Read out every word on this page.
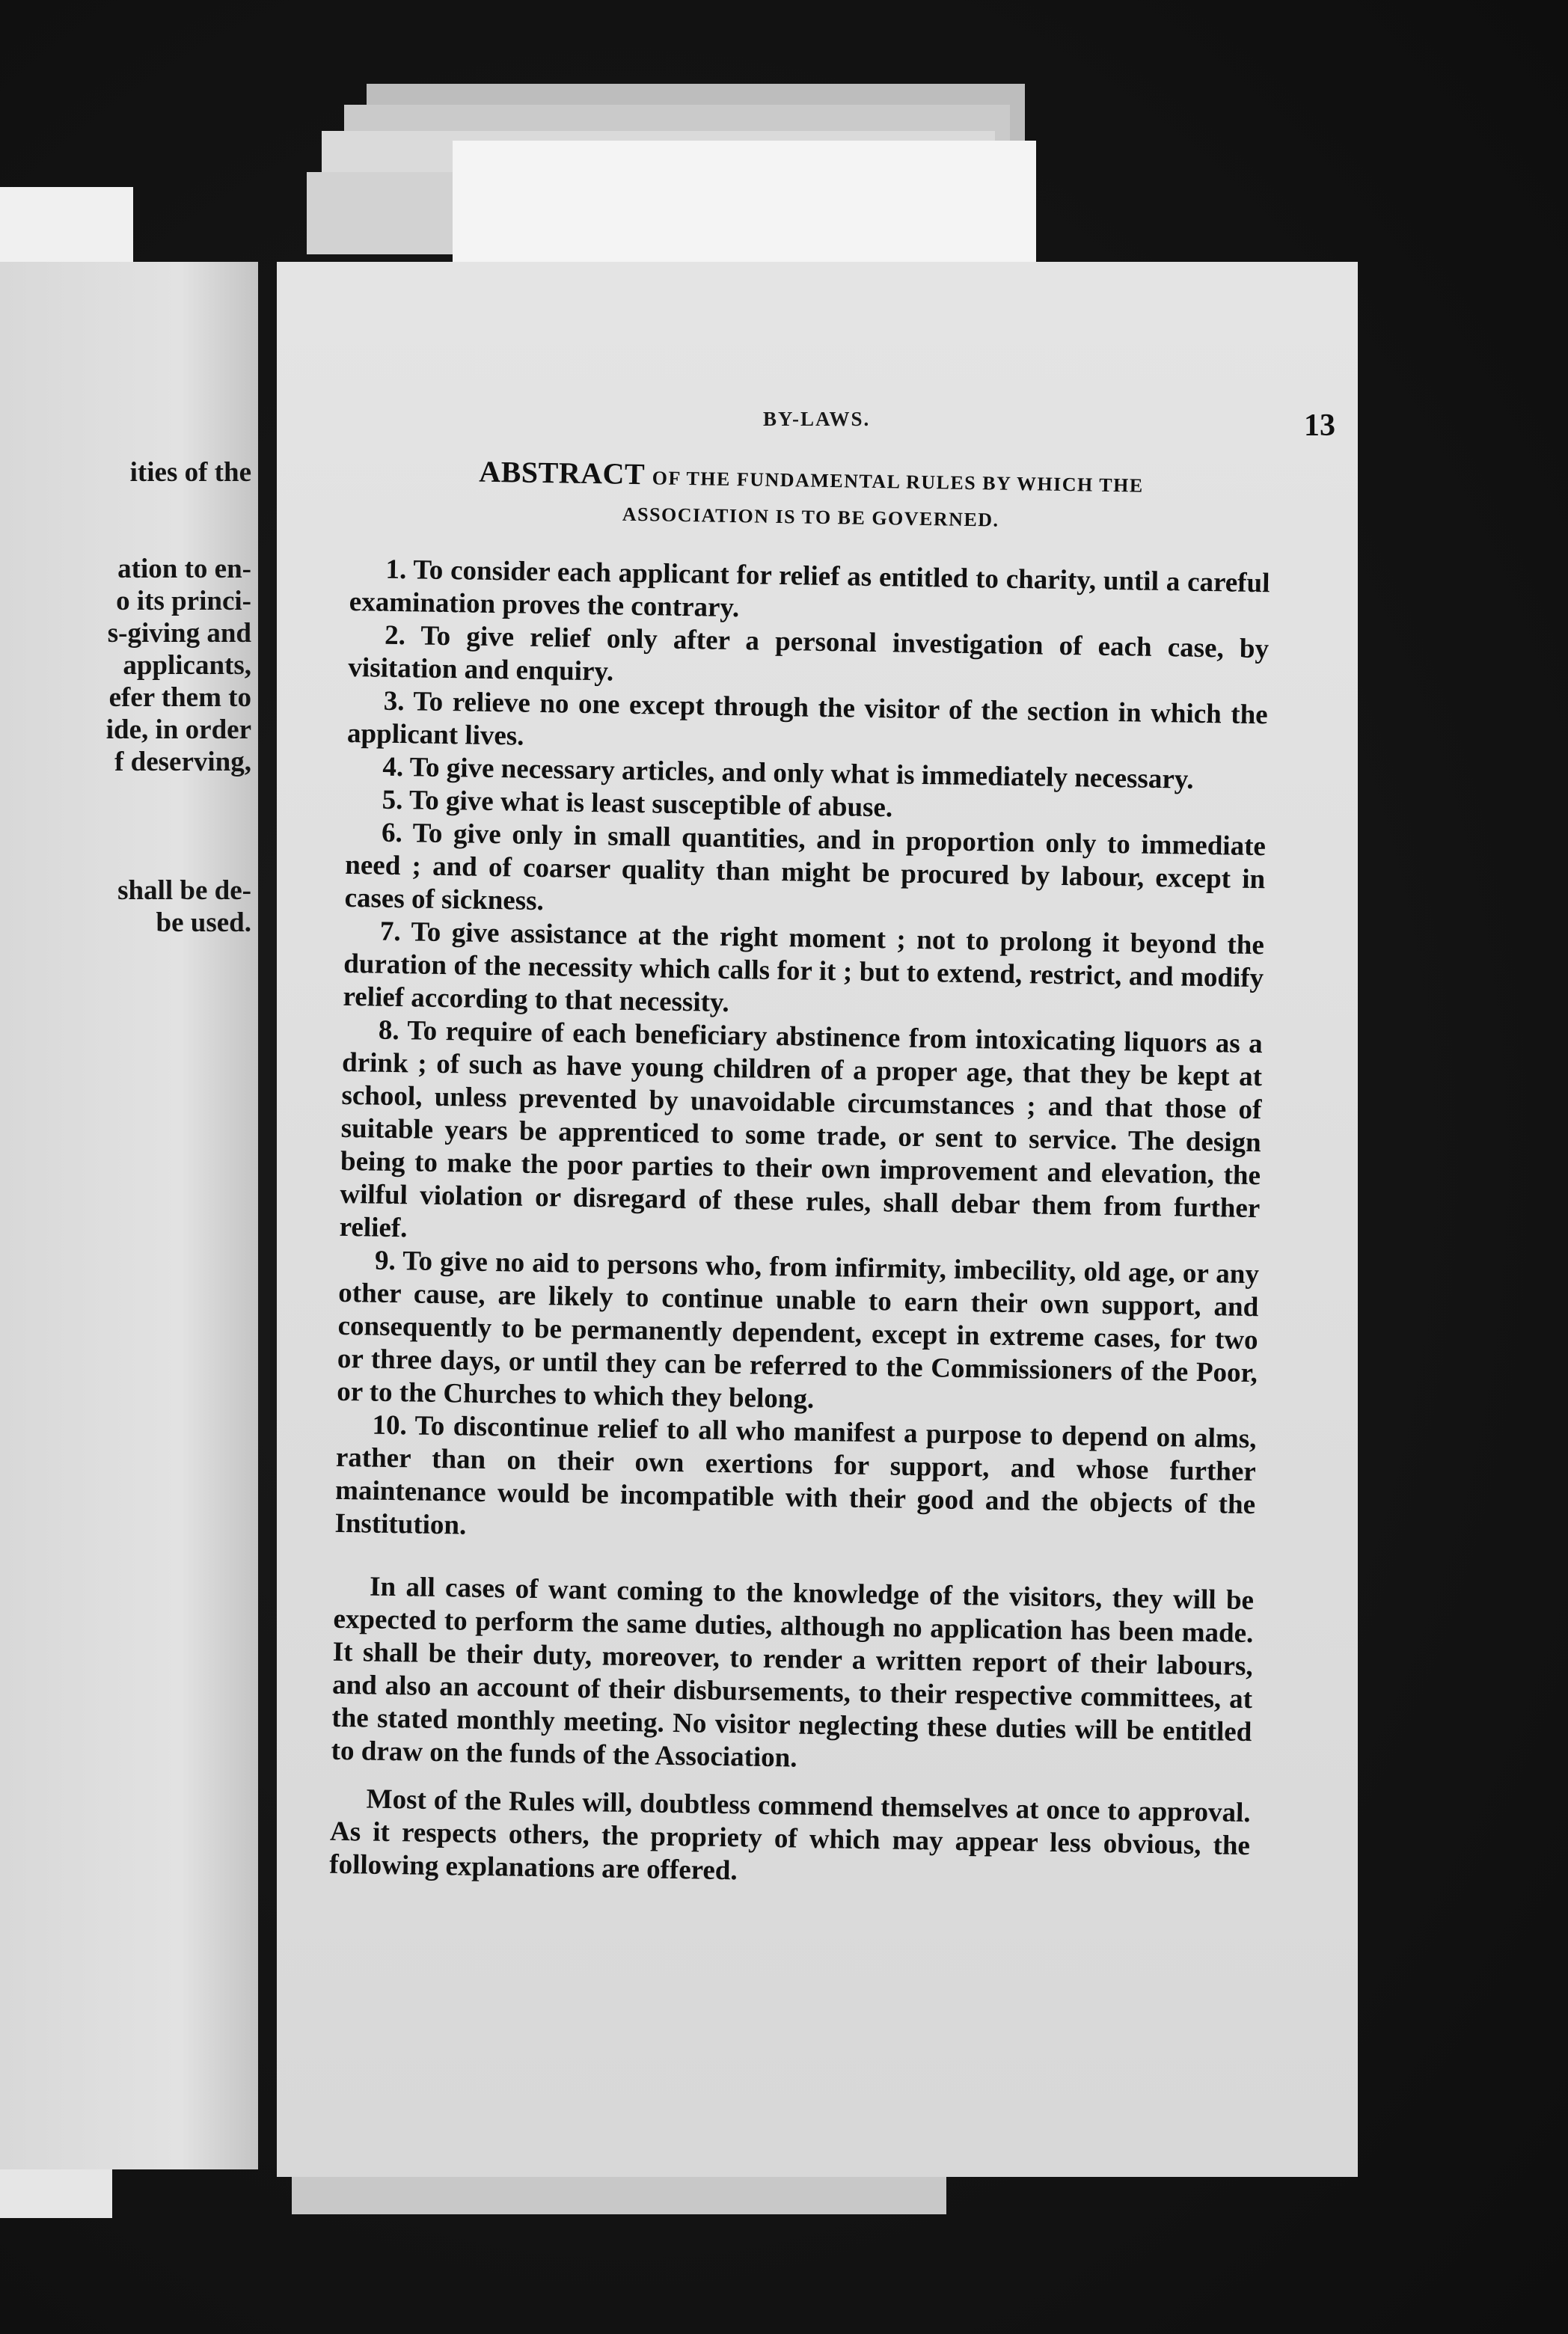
ities of the
ation to en-
o its princi-
s-giving and
applicants,
efer them to
ide, in order
f deserving,
shall be de-
be used.
BY-LAWS.	13
ABSTRACT OF THE FUNDAMENTAL RULES BY WHICH THE
ASSOCIATION IS TO BE GOVERNED.

1. To consider each applicant for relief as entitled to charity, until a careful examination proves the contrary.

2. To give relief only after a personal investigation of each case, by visitation and enquiry.

3. To relieve no one except through the visitor of the section in which the applicant lives.

4. To give necessary articles, and only what is immediately necessary.

5. To give what is least susceptible of abuse.

6. To give only in small quantities, and in proportion only to immediate need ; and of coarser quality than might be procured by labour, except in cases of sickness.

7. To give assistance at the right moment ; not to prolong it beyond the duration of the necessity which calls for it ; but to extend, restrict, and modify relief according to that necessity.

8. To require of each beneficiary abstinence from intoxicating liquors as a drink ; of such as have young children of a proper age, that they be kept at school, unless prevented by unavoidable circumstances ; and that those of suitable years be apprenticed to some trade, or sent to service. The design being to make the poor parties to their own improvement and elevation, the wilful violation or disregard of these rules, shall debar them from further relief.

9. To give no aid to persons who, from infirmity, imbecility, old age, or any other cause, are likely to continue unable to earn their own support, and consequently to be permanently dependent, except in extreme cases, for two or three days, or until they can be referred to the Commissioners of the Poor, or to the Churches to which they belong.

10. To discontinue relief to all who manifest a purpose to depend on alms, rather than on their own exertions for support, and whose further maintenance would be incompatible with their good and the objects of the Institution.

In all cases of want coming to the knowledge of the visitors, they will be expected to perform the same duties, although no application has been made. It shall be their duty, moreover, to render a written report of their labours, and also an account of their disbursements, to their respective committees, at the stated monthly meeting. No visitor neglecting these duties will be entitled to draw on the funds of the Association.

Most of the Rules will, doubtless commend themselves at once to approval. As it respects others, the propriety of which may appear less obvious, the following explanations are offered.
